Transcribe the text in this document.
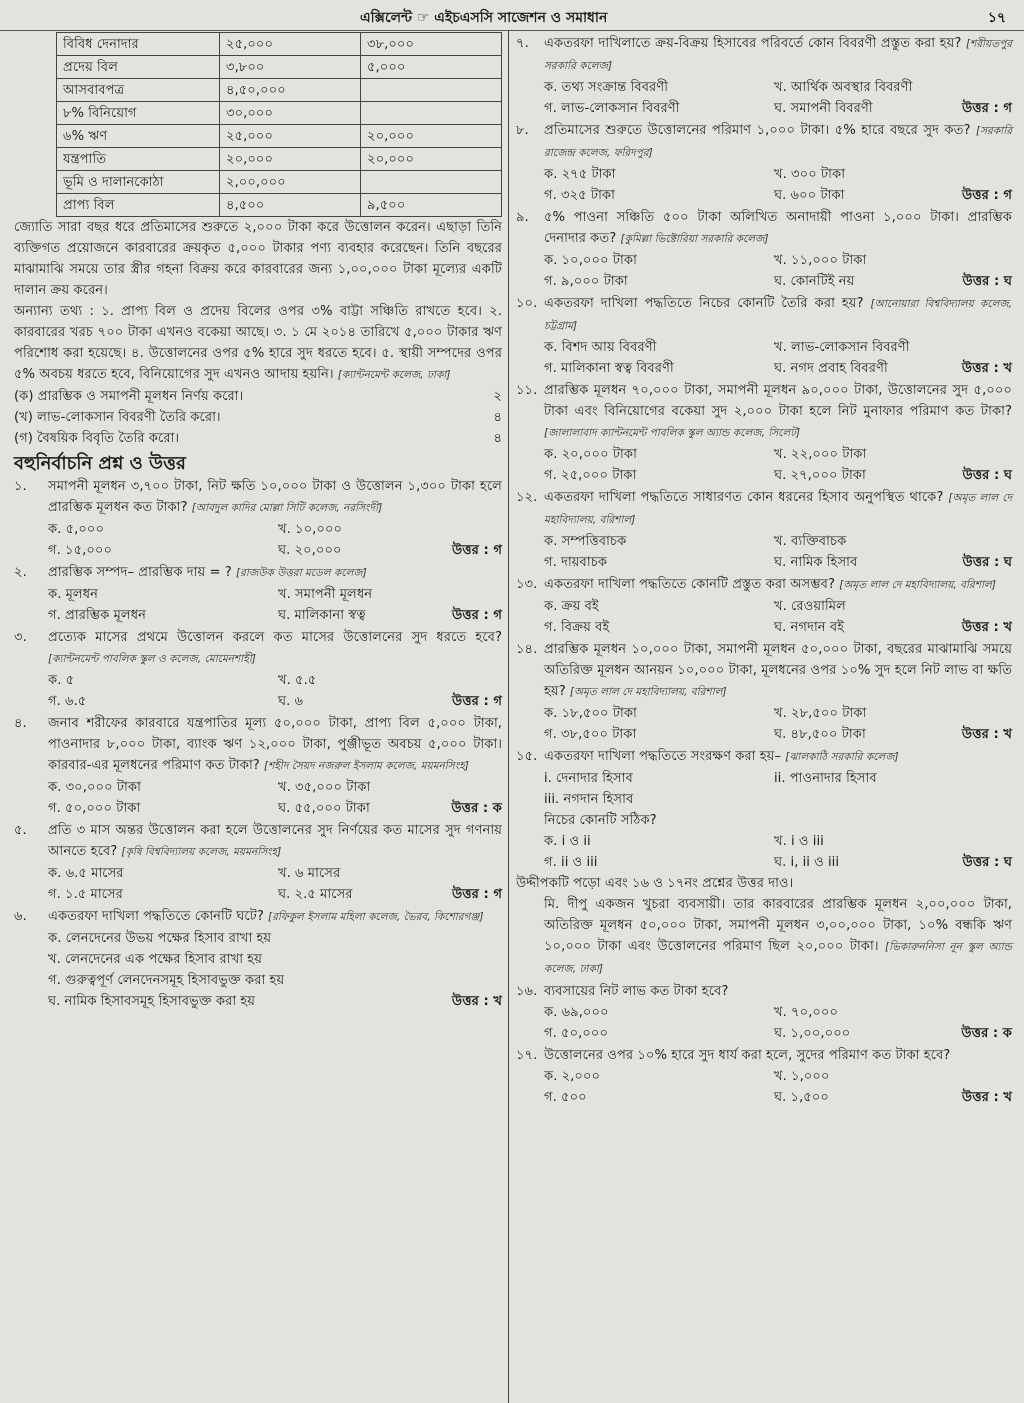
এক্সিলেন্ট ☞ এইচএসসি সাজেশন ও সমাধান	১৭
বিবিধ দেনাদার	২৫,০০০	৩৮,০০০
প্রদেয় বিল	৩,৮০০	৫,০০০
আসবাবপত্র	৪,৫০,০০০	
৮% বিনিয়োগ	৩০,০০০	
৬% ঋণ	২৫,০০০	২০,০০০
যন্ত্রপাতি	২০,০০০	২০,০০০
ভূমি ও দালানকোঠা	২,০০,০০০	
প্রাপ্য বিল	৪,৫০০	৯,৫০০

জ্যোতি সারা বছর ধরে প্রতিমাসের শুরুতে ২,০০০ টাকা করে উত্তোলন করেন। এছাড়া তিনি ব্যক্তিগত প্রয়োজনে কারবারের ক্রয়কৃত ৫,০০০ টাকার পণ্য ব্যবহার করেছেন। তিনি বছরের মাঝামাঝি সময়ে তার স্ত্রীর গহনা বিক্রয় করে কারবারের জন্য ১,০০,০০০ টাকা মূল্যের একটি দালান ক্রয় করেন।

অন্যান্য তথ্য : ১. প্রাপ্য বিল ও প্রদেয় বিলের ওপর ৩% বাট্টা সঞ্চিতি রাখতে হবে। ২. কারবারের খরচ ৭০০ টাকা এখনও বকেয়া আছে। ৩. ১ মে ২০১৪ তারিখে ৫,০০০ টাকার ঋণ পরিশোধ করা হয়েছে। ৪. উত্তোলনের ওপর ৫% হারে সুদ ধরতে হবে। ৫. স্থায়ী সম্পদের ওপর ৫% অবচয় ধরতে হবে, বিনিয়োগের সুদ এখনও আদায় হয়নি। [ক্যান্টনমেন্ট কলেজ, ঢাকা]

(ক) প্রারম্ভিক ও সমাপনী মূলধন নির্ণয় করো।	২
(খ) লাভ-লোকসান বিবরণী তৈরি করো।	৪
(গ) বৈষয়িক বিবৃতি তৈরি করো।	৪
বহুনির্বাচনি প্রশ্ন ও উত্তর
১.	সমাপনী মূলধন ৩,৭০০ টাকা, নিট ক্ষতি ১০,০০০ টাকা ও উত্তোলন ১,৩০০ টাকা হলে প্রারম্ভিক মূলধন কত টাকা? [আবদুল কাদির মোল্লা সিটি কলেজ, নরসিংদী]
ক. ৫,০০০	খ. ১০,০০০
গ. ১৫,০০০	ঘ. ২০,০০০	উত্তর : গ
২.	প্রারম্ভিক সম্পদ– প্রারম্ভিক দায় = ? [রাজউক উত্তরা মডেল কলেজ]
ক. মূলধন	খ. সমাপনী মূলধন
গ. প্রারম্ভিক মূলধন	ঘ. মালিকানা স্বত্ব	উত্তর : গ
৩.	প্রত্যেক মাসের প্রথমে উত্তোলন করলে কত মাসের উত্তোলনের সুদ ধরতে হবে? [ক্যান্টনমেন্ট পাবলিক স্কুল ও কলেজ, মোমেনশাহী]
ক. ৫	খ. ৫.৫
গ. ৬.৫	ঘ. ৬	উত্তর : গ
৪.	জনাব শরীফের কারবারে যন্ত্রপাতির মূল্য ৫০,০০০ টাকা, প্রাপ্য বিল ৫,০০০ টাকা, পাওনাদার ৮,০০০ টাকা, ব্যাংক ঋণ ১২,০০০ টাকা, পুঞ্জীভূত অবচয় ৫,০০০ টাকা। কারবার-এর মূলধনের পরিমাণ কত টাকা? [শহীদ সৈয়দ নজরুল ইসলাম কলেজ, ময়মনসিংহ]
ক. ৩০,০০০ টাকা	খ. ৩৫,০০০ টাকা
গ. ৫০,০০০ টাকা	ঘ. ৫৫,০০০ টাকা	উত্তর : ক
৫.	প্রতি ৩ মাস অন্তর উত্তোলন করা হলে উত্তোলনের সুদ নির্ণয়ের কত মাসের সুদ গণনায় আনতে হবে? [কৃষি বিশ্ববিদ্যালয় কলেজ, ময়মনসিংহ]
ক. ৬.৫ মাসের	খ. ৬ মাসের
গ. ১.৫ মাসের	ঘ. ২.৫ মাসের	উত্তর : গ
৬.	একতরফা দাখিলা পদ্ধতিতে কোনটি ঘটে? [রফিকুল ইসলাম মহিলা কলেজ, ভৈরব, কিশোরগঞ্জ]
ক. লেনদেনের উভয় পক্ষের হিসাব রাখা হয়
খ. লেনদেনের এক পক্ষের হিসাব রাখা হয়
গ. গুরুত্বপূর্ণ লেনদেনসমূহ হিসাবভুক্ত করা হয়
ঘ. নামিক হিসাবসমূহ হিসাবভুক্ত করা হয়	উত্তর : খ
৭.	একতরফা দাখিলাতে ক্রয়-বিক্রয় হিসাবের পরিবর্তে কোন বিবরণী প্রস্তুত করা হয়? [শরীয়তপুর সরকারি কলেজ]
ক. তথ্য সংক্রান্ত বিবরণী	খ. আর্থিক অবস্থার বিবরণী
গ. লাভ-লোকসান বিবরণী	ঘ. সমাপনী বিবরণী	উত্তর : গ
৮.	প্রতিমাসের শুরুতে উত্তোলনের পরিমাণ ১,০০০ টাকা। ৫% হারে বছরে সুদ কত? [সরকারি রাজেন্দ্র কলেজ, ফরিদপুর]
ক. ২৭৫ টাকা	খ. ৩০০ টাকা
গ. ৩২৫ টাকা	ঘ. ৬০০ টাকা	উত্তর : গ
৯.	৫% পাওনা সঞ্চিতি ৫০০ টাকা অলিখিত অনাদায়ী পাওনা ১,০০০ টাকা। প্রারম্ভিক দেনাদার কত? [কুমিল্লা ভিক্টোরিয়া সরকারি কলেজ]
ক. ১০,০০০ টাকা	খ. ১১,০০০ টাকা
গ. ৯,০০০ টাকা	ঘ. কোনটিই নয়	উত্তর : ঘ
১০. একতরফা দাখিলা পদ্ধতিতে নিচের কোনটি তৈরি করা হয়? [আনোয়ারা বিশ্ববিদ্যালয় কলেজ, চট্টগ্রাম]
ক. বিশদ আয় বিবরণী	খ. লাভ-লোকসান বিবরণী
গ. মালিকানা স্বত্ব বিবরণী	ঘ. নগদ প্রবাহ বিবরণী	উত্তর : খ
১১. প্রারম্ভিক মূলধন ৭০,০০০ টাকা, সমাপনী মূলধন ৯০,০০০ টাকা, উত্তোলনের সুদ ৫,০০০ টাকা এবং বিনিয়োগের বকেয়া সুদ ২,০০০ টাকা হলে নিট মুনাফার পরিমাণ কত টাকা? [জালালাবাদ ক্যান্টনমেন্ট পাবলিক স্কুল অ্যান্ড কলেজ, সিলেট]
ক. ২০,০০০ টাকা	খ. ২২,০০০ টাকা
গ. ২৫,০০০ টাকা	ঘ. ২৭,০০০ টাকা	উত্তর : ঘ
১২. একতরফা দাখিলা পদ্ধতিতে সাধারণত কোন ধরনের হিসাব অনুপস্থিত থাকে? [অমৃত লাল দে মহাবিদ্যালয়, বরিশাল]
ক. সম্পত্তিবাচক	খ. ব্যক্তিবাচক
গ. দায়বাচক	ঘ. নামিক হিসাব	উত্তর : ঘ
১৩. একতরফা দাখিলা পদ্ধতিতে কোনটি প্রস্তুত করা অসম্ভব? [অমৃত লাল দে মহাবিদ্যালয়, বরিশাল]
ক. ক্রয় বই	খ. রেওয়ামিল
গ. বিক্রয় বই	ঘ. নগদান বই	উত্তর : খ
১৪. প্রারম্ভিক মূলধন ১০,০০০ টাকা, সমাপনী মূলধন ৫০,০০০ টাকা, বছরের মাঝামাঝি সময়ে অতিরিক্ত মূলধন আনয়ন ১০,০০০ টাকা, মূলধনের ওপর ১০% সুদ হলে নিট লাভ বা ক্ষতি হয়? [অমৃত লাল দে মহাবিদ্যালয়, বরিশাল]
ক. ১৮,৫০০ টাকা	খ. ২৮,৫০০ টাকা
গ. ৩৮,৫০০ টাকা	ঘ. ৪৮,৫০০ টাকা	উত্তর : খ
১৫. একতরফা দাখিলা পদ্ধতিতে সংরক্ষণ করা হয়– [ঝালকাঠি সরকারি কলেজ]
i. দেনাদার হিসাব	ii. পাওনাদার হিসাব
iii. নগদান হিসাব
নিচের কোনটি সঠিক?
ক. i ও ii	খ. i ও iii
গ. ii ও iii	ঘ. i, ii ও iii	উত্তর : ঘ

উদ্দীপকটি পড়ো এবং ১৬ ও ১৭নং প্রশ্নের উত্তর দাও।

মি. দীপু একজন খুচরা ব্যবসায়ী। তার কারবারের প্রারম্ভিক মূলধন ২,০০,০০০ টাকা, অতিরিক্ত মূলধন ৫০,০০০ টাকা, সমাপনী মূলধন ৩,০০,০০০ টাকা, ১০% বন্ধকি ঋণ ১০,০০০ টাকা এবং উত্তোলনের পরিমাণ ছিল ২০,০০০ টাকা। [ভিকারুননিসা নূন স্কুল অ্যান্ড কলেজ, ঢাকা]

১৬. ব্যবসায়ের নিট লাভ কত টাকা হবে?
ক. ৬৯,০০০	খ. ৭০,০০০
গ. ৫০,০০০	ঘ. ১,০০,০০০	উত্তর : ক
১৭. উত্তোলনের ওপর ১০% হারে সুদ ধার্য করা হলে, সুদের পরিমাণ কত টাকা হবে?
ক. ২,০০০	খ. ১,০০০
গ. ৫০০	ঘ. ১,৫০০	উত্তর : খ
